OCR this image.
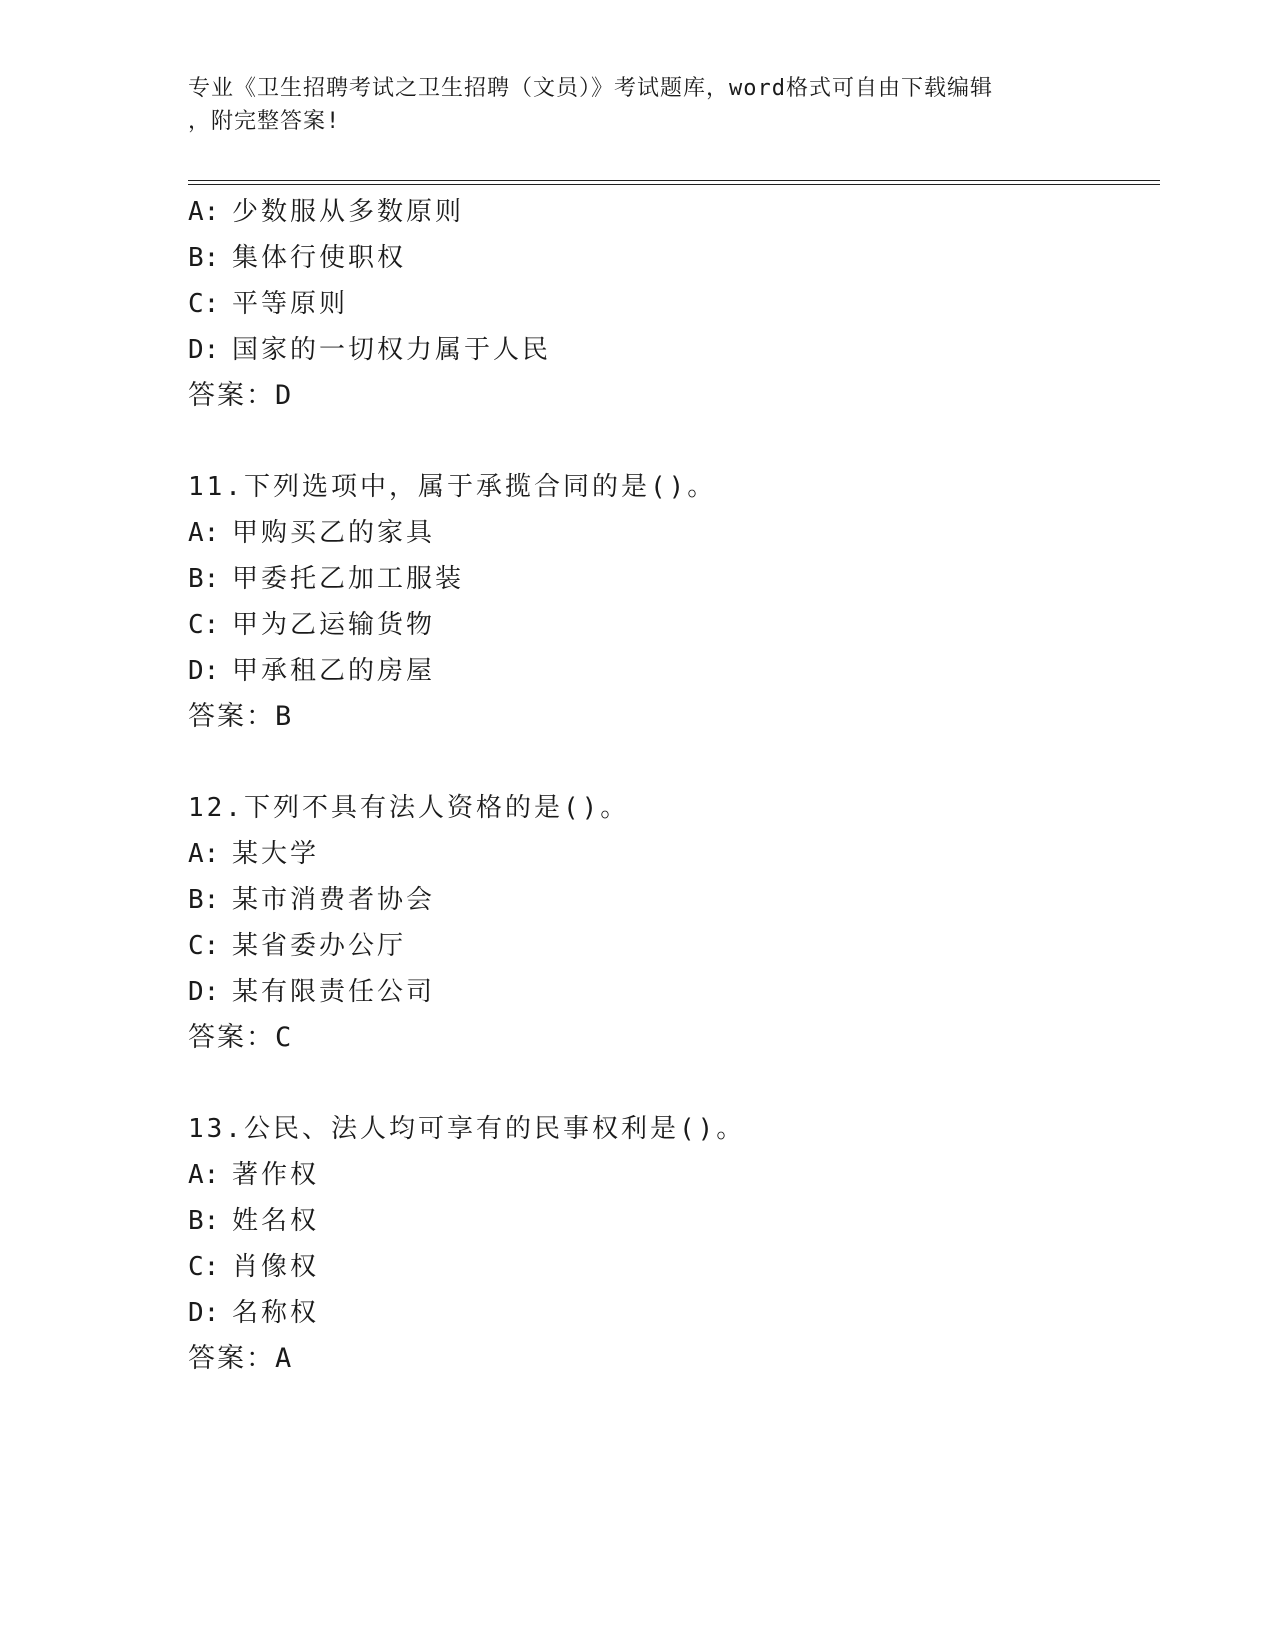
专业《卫生招聘考试之卫生招聘（文员）》考试题库，word格式可自由下载编辑
，附完整答案!
A: 少数服从多数原则
B: 集体行使职权
C: 平等原则
D: 国家的一切权力属于人民
答案：D
11.下列选项中，属于承揽合同的是()。
A: 甲购买乙的家具
B: 甲委托乙加工服装
C: 甲为乙运输货物
D: 甲承租乙的房屋
答案：B
12.下列不具有法人资格的是()。
A: 某大学
B: 某市消费者协会
C: 某省委办公厅
D: 某有限责任公司
答案：C
13.公民、法人均可享有的民事权利是()。
A: 著作权
B: 姓名权
C: 肖像权
D: 名称权
答案：A
